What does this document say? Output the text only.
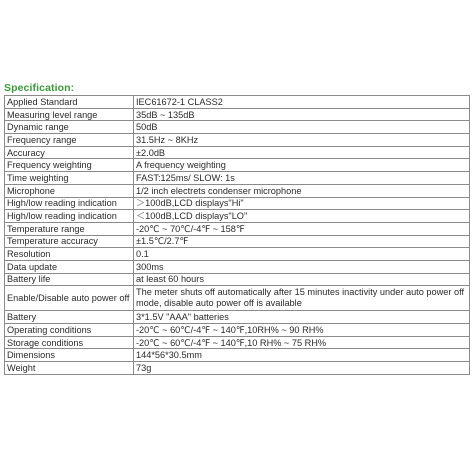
Specification:
Applied Standard	IEC61672-1 CLASS2
Measuring level range	35dB ~ 135dB
Dynamic range	50dB
Frequency range	31.5Hz ~ 8KHz
Accuracy	±2.0dB
Frequency weighting	A frequency weighting
Time weighting	FAST:125ms/ SLOW: 1s
Microphone	1/2 inch electrets condenser microphone
High/low reading indication	＞100dB,LCD displays"Hi"
High/low reading indication	＜100dB,LCD displays"LO"
Temperature range	-20℃ ~ 70℃/-4℉ ~ 158℉
Temperature accuracy	±1.5℃/2.7℉
Resolution	0.1
Data update	300ms
Battery life	at least 60 hours
Enable/Disable auto power off	The meter shuts off automatically after 15 minutes inactivity under auto power off mode, disable auto power off is available
Battery	3*1.5V "AAA" batteries
Operating conditions	-20℃ ~ 60℃/-4℉ ~ 140℉,10RH% ~ 90 RH%
Storage conditions	-20℃ ~ 60℃/-4℉ ~ 140℉,10 RH% ~ 75 RH%
Dimensions	144*56*30.5mm
Weight	73g
